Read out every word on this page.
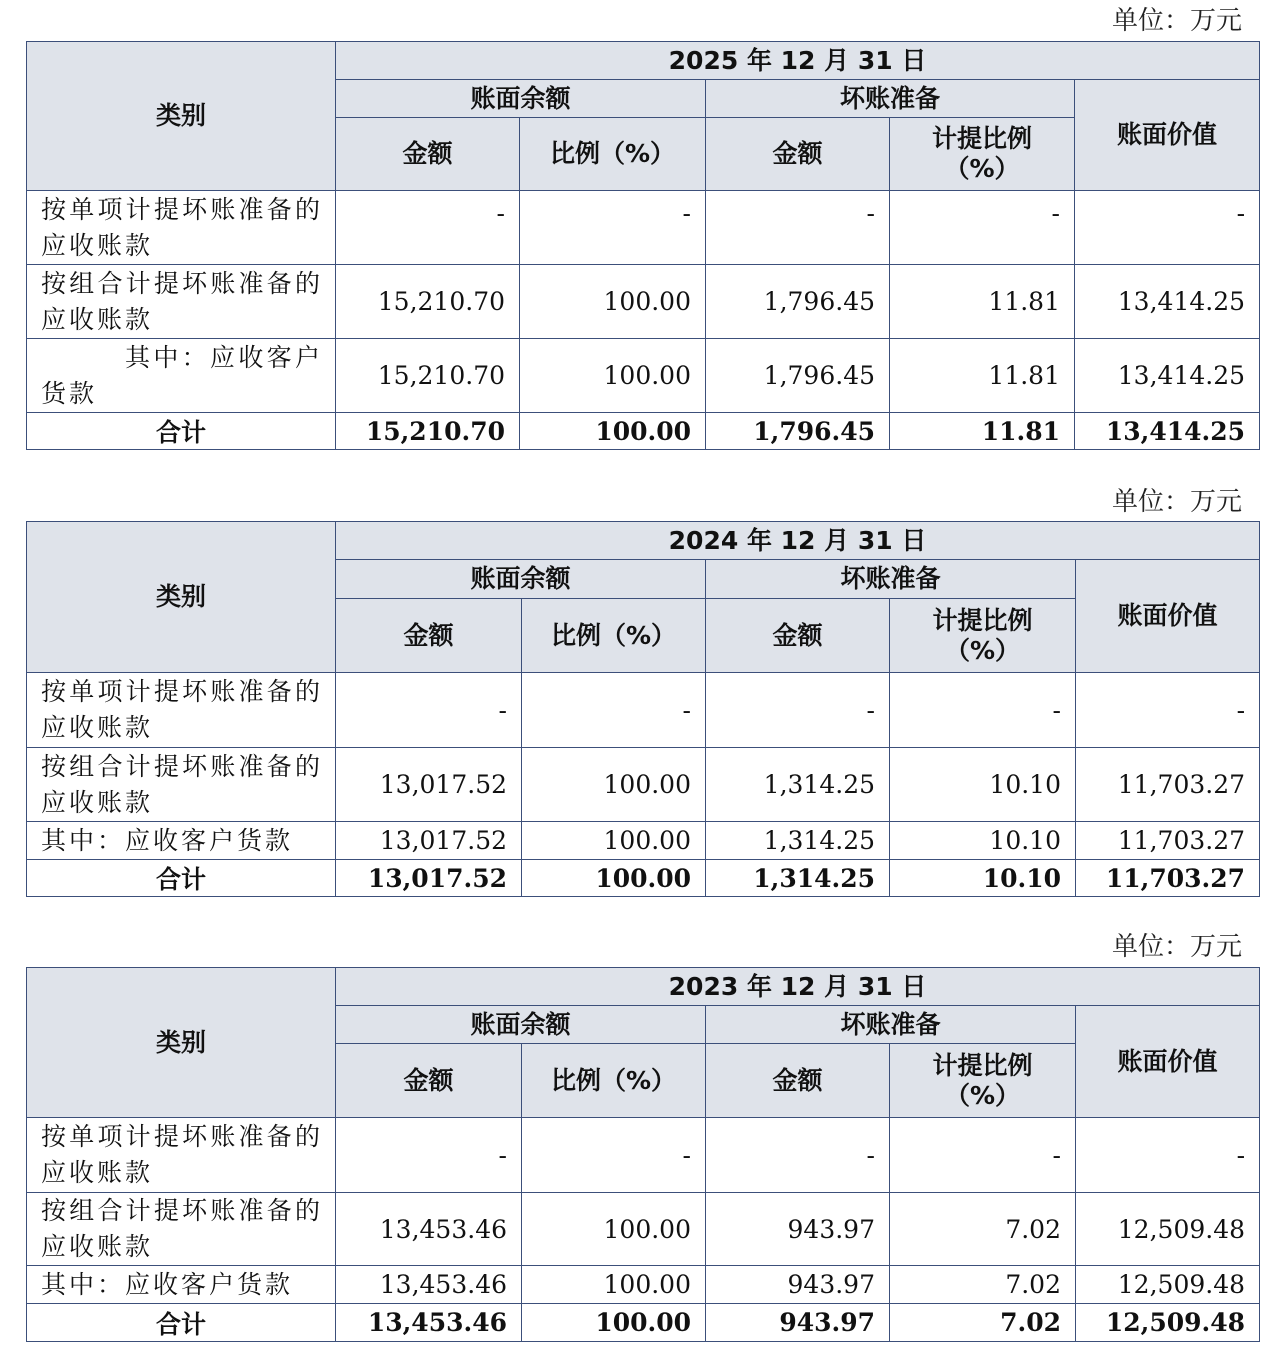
单位：万元
类别	2025 年 12 月 31 日				
	账面余额		坏账准备		账面价值
	金额	比例（%）	金额	计提比例（%）	
按单项计提坏账准备的应收账款	-	-	-	-	-
按组合计提坏账准备的应收账款	15,210.70	100.00	1,796.45	11.81	13,414.25
其中：应收客户货款	15,210.70	100.00	1,796.45	11.81	13,414.25
合计	15,210.70	100.00	1,796.45	11.81	13,414.25
单位：万元
类别	2024 年 12 月 31 日				
	账面余额		坏账准备		账面价值
	金额	比例（%）	金额	计提比例（%）	
按单项计提坏账准备的应收账款	-	-	-	-	-
按组合计提坏账准备的应收账款	13,017.52	100.00	1,314.25	10.10	11,703.27
其中：应收客户货款	13,017.52	100.00	1,314.25	10.10	11,703.27
合计	13,017.52	100.00	1,314.25	10.10	11,703.27
单位：万元
类别	2023 年 12 月 31 日				
	账面余额		坏账准备		账面价值
	金额	比例（%）	金额	计提比例（%）	
按单项计提坏账准备的应收账款	-	-	-	-	-
按组合计提坏账准备的应收账款	13,453.46	100.00	943.97	7.02	12,509.48
其中：应收客户货款	13,453.46	100.00	943.97	7.02	12,509.48
合计	13,453.46	100.00	943.97	7.02	12,509.48
